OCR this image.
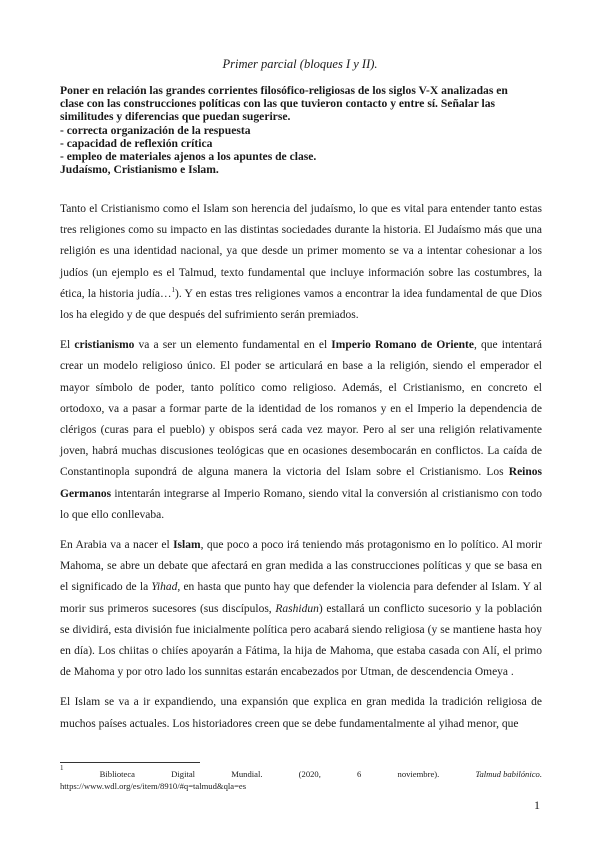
Primer parcial (bloques I y II).
Poner en relación las grandes corrientes filosófico-religiosas de los siglos V-X analizadas en
clase con las construcciones políticas con las que tuvieron contacto y entre sí. Señalar las
similitudes y diferencias que puedan sugerirse.
- correcta organización de la respuesta
- capacidad de reflexión crítica
- empleo de materiales ajenos a los apuntes de clase.
Judaísmo, Cristianismo e Islam.

Tanto el Cristianismo como el Islam son herencia del judaísmo, lo que es vital para entender tanto estas tres religiones como su impacto en las distintas sociedades durante la historia. El Judaísmo más que una religión es una identidad nacional, ya que desde un primer momento se va a intentar cohesionar a los judíos (un ejemplo es el Talmud, texto fundamental que incluye información sobre las costumbres, la ética, la historia judía…$^1$). Y en estas tres religiones vamos a encontrar la idea fundamental de que Dios los ha elegido y de que después del sufrimiento serán premiados.

El cristianismo va a ser un elemento fundamental en el Imperio Romano de Oriente, que intentará crear un modelo religioso único. El poder se articulará en base a la religión, siendo el emperador el mayor símbolo de poder, tanto político como religioso. Además, el Cristianismo, en concreto el ortodoxo, va a pasar a formar parte de la identidad de los romanos y en el Imperio la dependencia de clérigos (curas para el pueblo) y obispos será cada vez mayor. Pero al ser una religión relativamente joven, habrá muchas discusiones teológicas que en ocasiones desembocarán en conflictos. La caída de Constantinopla supondrá de alguna manera la victoria del Islam sobre el Cristianismo. Los Reinos Germanos intentarán integrarse al Imperio Romano, siendo vital la conversión al cristianismo con todo lo que ello conllevaba.

En Arabia va a nacer el Islam, que poco a poco irá teniendo más protagonismo en lo político. Al morir Mahoma, se abre un debate que afectará en gran medida a las construcciones políticas y que se basa en el significado de la Yihad, en hasta que punto hay que defender la violencia para defender al Islam. Y al morir sus primeros sucesores (sus discípulos, Rashidun) estallará un conflicto sucesorio y la población se dividirá, esta división fue inicialmente política pero acabará siendo religiosa (y se mantiene hasta hoy en día). Los chiitas o chiíes apoyarán a Fátima, la hija de Mahoma, que estaba casada con Alí, el primo de Mahoma y por otro lado los sunnitas estarán encabezados por Utman, de descendencia Omeya .

El Islam se va a ir expandiendo, una expansión que explica en gran medida la tradición religiosa de muchos países actuales. Los historiadores creen que se debe fundamentalmente al yihad menor, que

1
Biblioteca	Digital	Mundial.	(2020,	6	noviembre).	Talmud babilónico.
https://www.wdl.org/es/item/8910/#q=talmud&qla=es
1
